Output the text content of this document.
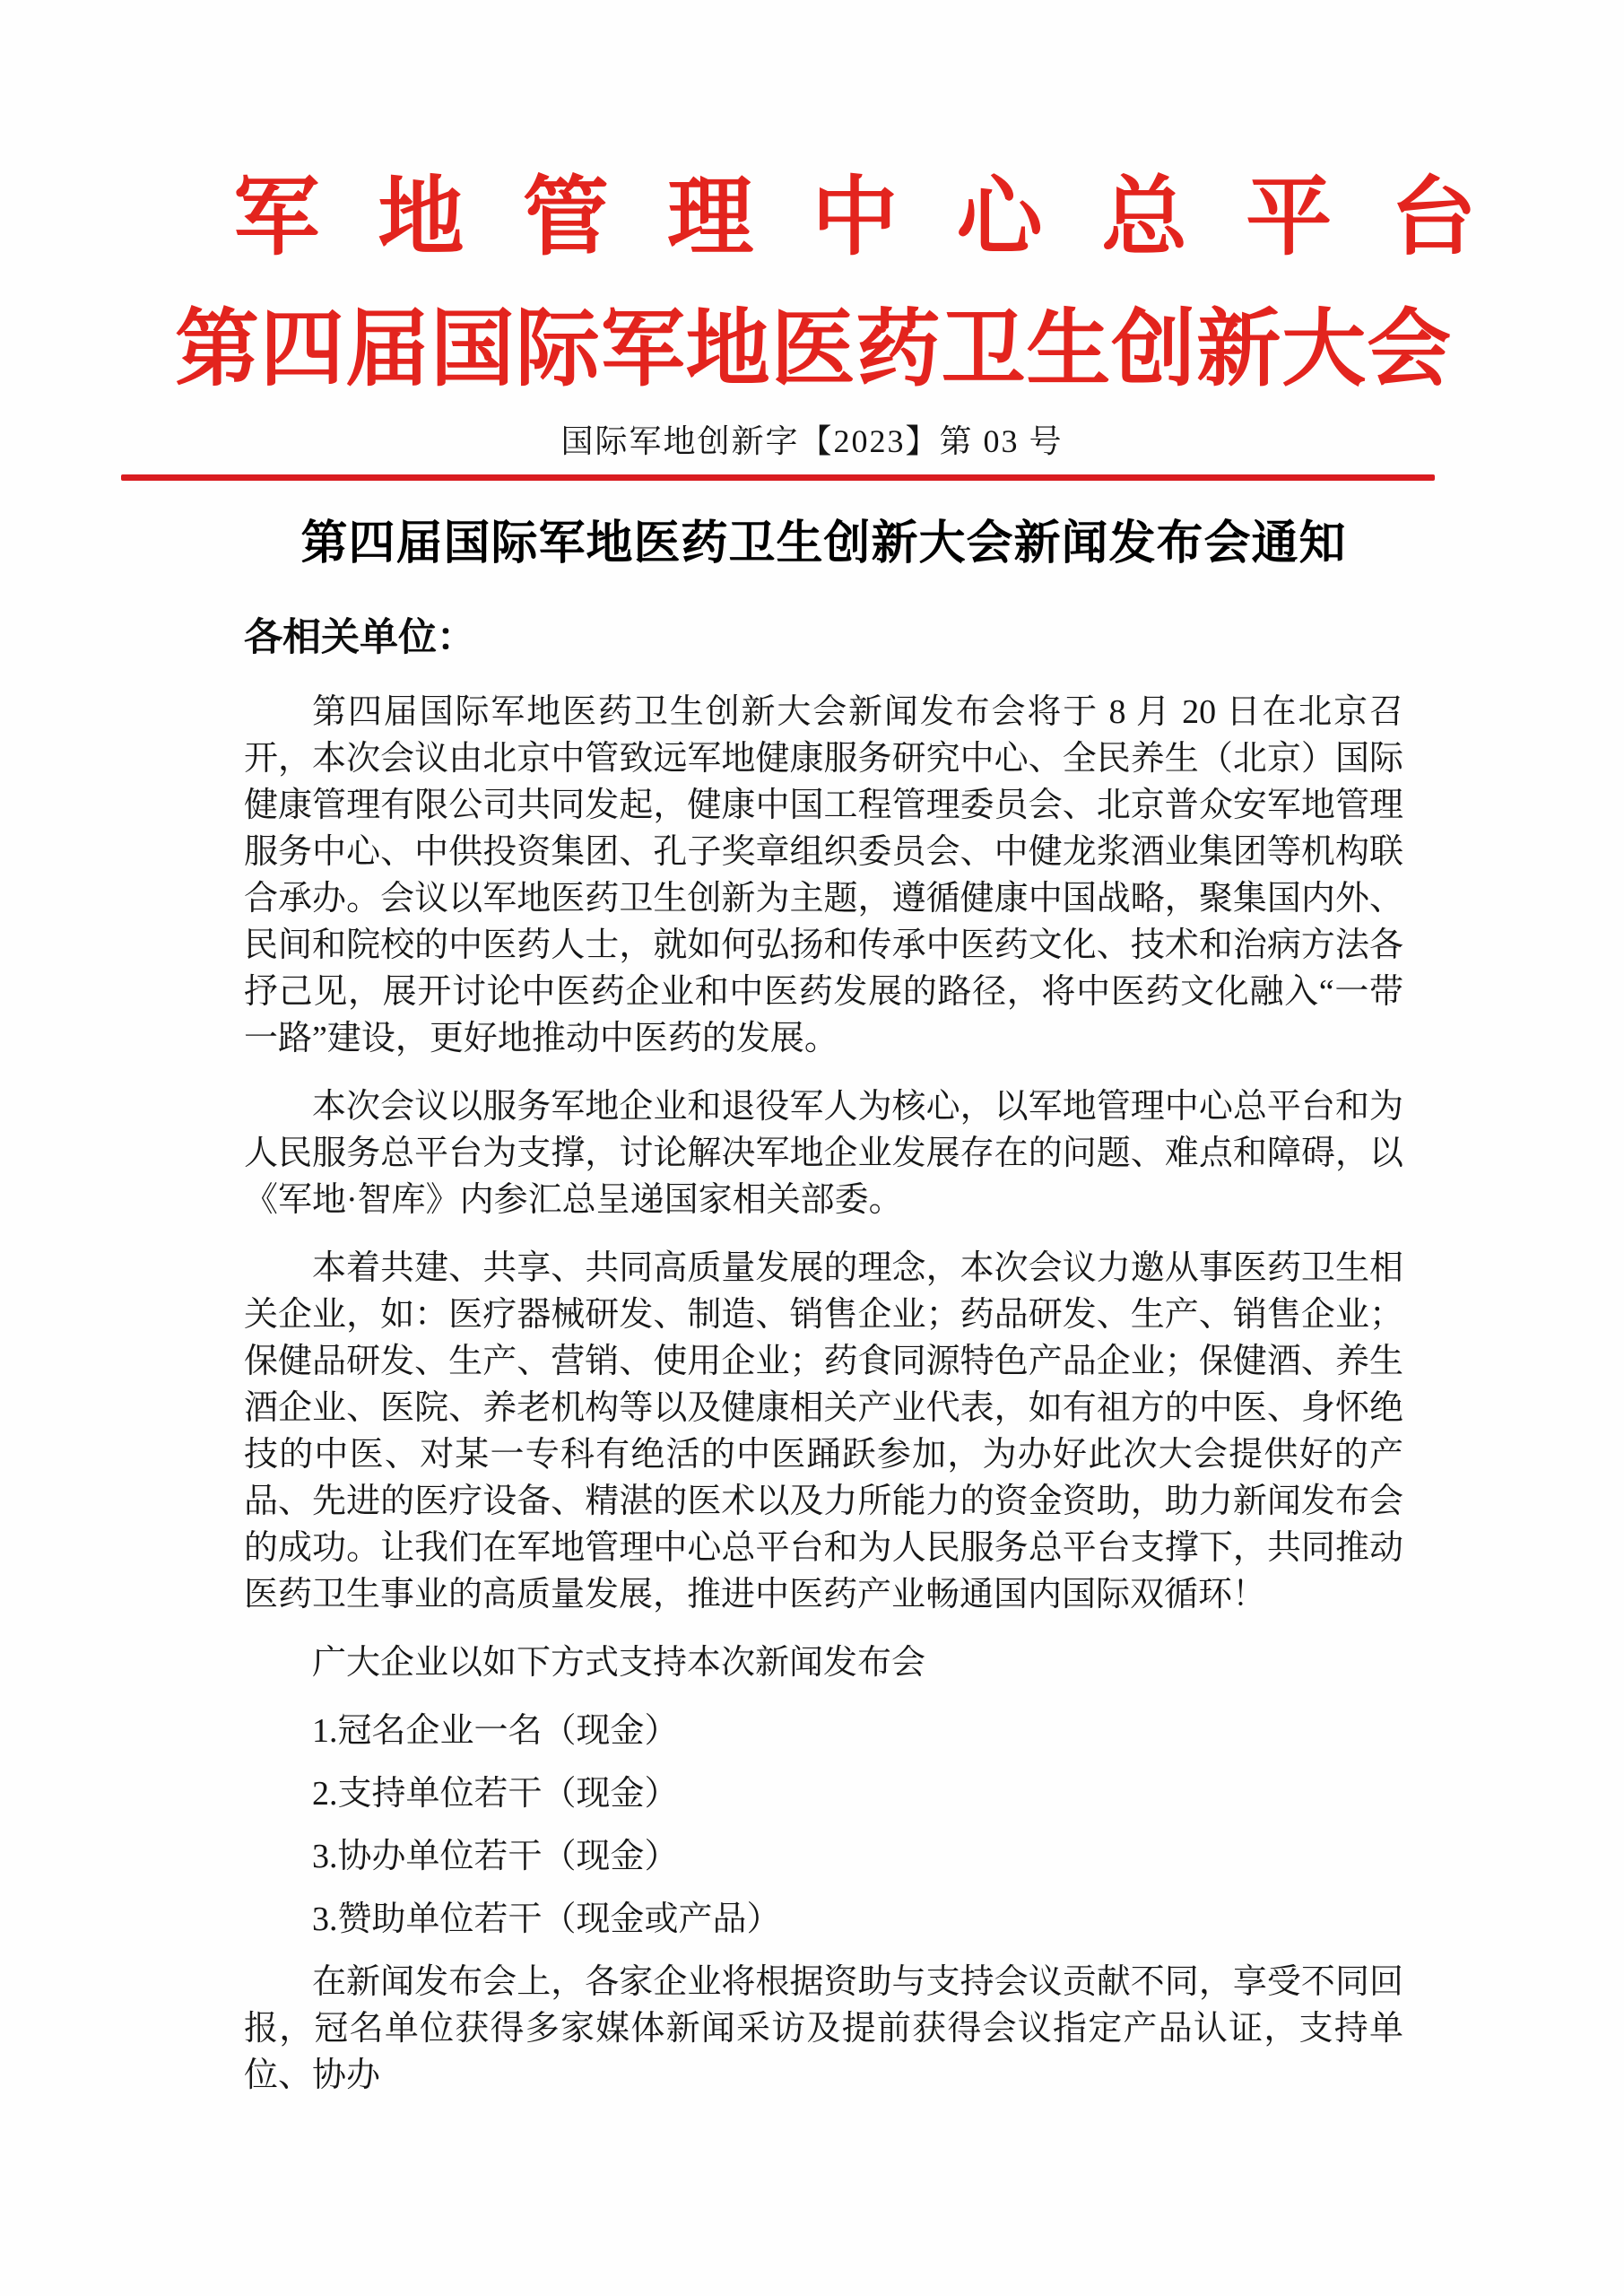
军地管理中心总平台
第四届国际军地医药卫生创新大会
国际军地创新字【2023】第 03 号
第四届国际军地医药卫生创新大会新闻发布会通知
各相关单位：

第四届国际军地医药卫生创新大会新闻发布会将于 8 月 20 日在北京召开，本次会议由北京中管致远军地健康服务研究中心、全民养生（北京）国际健康管理有限公司共同发起，健康中国工程管理委员会、北京普众安军地管理服务中心、中供投资集团、孔子奖章组织委员会、中健龙浆酒业集团等机构联合承办。会议以军地医药卫生创新为主题，遵循健康中国战略，聚集国内外、民间和院校的中医药人士，就如何弘扬和传承中医药文化、技术和治病方法各抒己见，展开讨论中医药企业和中医药发展的路径，将中医药文化融入“一带一路”建设，更好地推动中医药的发展。

本次会议以服务军地企业和退役军人为核心，以军地管理中心总平台和为人民服务总平台为支撑，讨论解决军地企业发展存在的问题、难点和障碍，以《军地·智库》内参汇总呈递国家相关部委。

本着共建、共享、共同高质量发展的理念，本次会议力邀从事医药卫生相关企业，如：医疗器械研发、制造、销售企业；药品研发、生产、销售企业；保健品研发、生产、营销、使用企业；药食同源特色产品企业；保健酒、养生酒企业、医院、养老机构等以及健康相关产业代表，如有祖方的中医、身怀绝技的中医、对某一专科有绝活的中医踊跃参加，为办好此次大会提供好的产品、先进的医疗设备、精湛的医术以及力所能力的资金资助，助力新闻发布会的成功。让我们在军地管理中心总平台和为人民服务总平台支撑下，共同推动医药卫生事业的高质量发展，推进中医药产业畅通国内国际双循环！

广大企业以如下方式支持本次新闻发布会

1.冠名企业一名（现金）

2.支持单位若干（现金）

3.协办单位若干（现金）

3.赞助单位若干（现金或产品）

在新闻发布会上，各家企业将根据资助与支持会议贡献不同，享受不同回报，冠名单位获得多家媒体新闻采访及提前获得会议指定产品认证，支持单位、协办
